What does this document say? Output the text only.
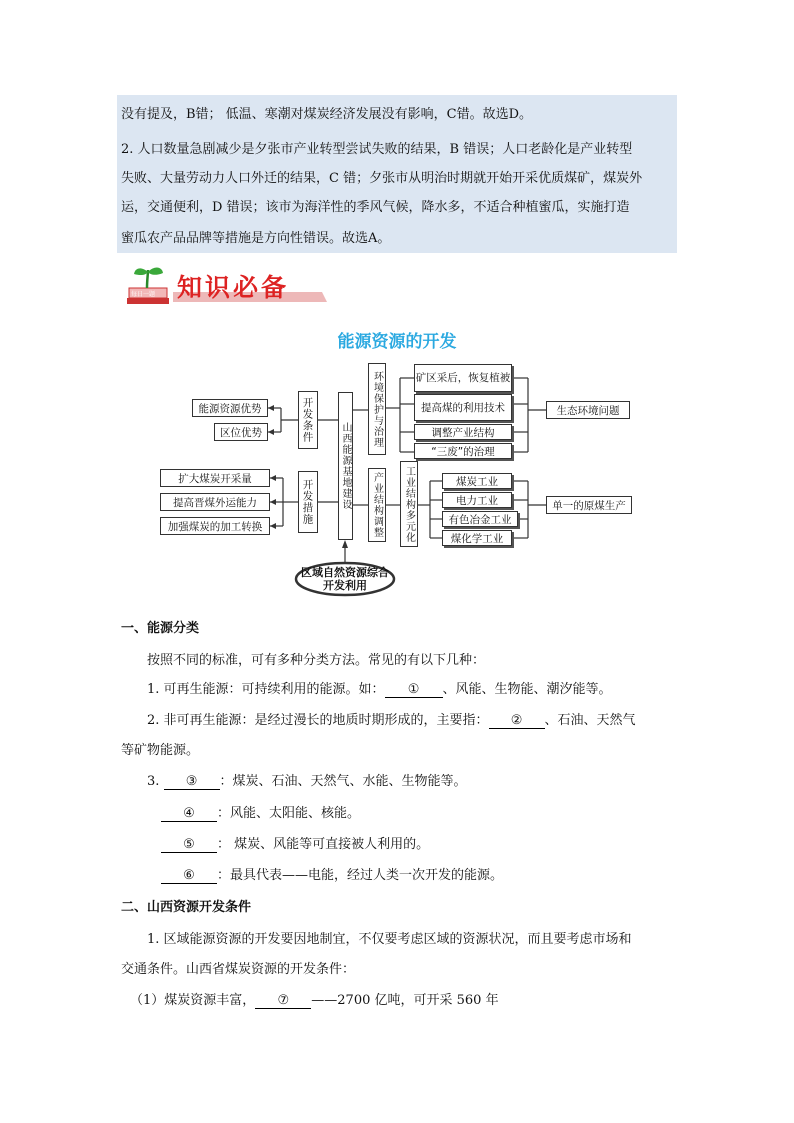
没有提及，B错； 低温、寒潮对煤炭经济发展没有影响，C错。故选D。
2. 人口数量急剧减少是夕张市产业转型尝试失败的结果，B 错误；人口老龄化是产业转型
失败、大量劳动力人口外迁的结果，C 错；夕张市从明治时期就开始开采优质煤矿，煤炭外
运，交通便利，D 错误；该市为海洋性的季风气候，降水多，不适合种植蜜瓜，实施打造
蜜瓜农产品品牌等措施是方向性错误。故选A。
每日一题 知识必备
能源资源的开发
能源资源优势
区位优势
扩大煤炭开采量
提高晋煤外运能力
加强煤炭的加工转换
开发条件
开发措施	山西能源基地建设
环境保护与治理
产业结构调整	工业结构多元化
矿区采后，恢复植被
提高煤的利用技术
调整产业结构
“三废”的治理
生态环境问题
煤炭工业
电力工业
有色冶金工业
煤化学工业
单一的原煤生产
区域自然资源综合开发利用
一、能源分类
按照不同的标准，可有多种分类方法。常见的有以下几种：
1. 可再生能源：可持续利用的能源。如： ① 、风能、生物能、潮汐能等。
2. 非可再生能源：是经过漫长的地质时期形成的，主要指： ② 、石油、天然气
等矿物能源。
3. ③ ：煤炭、石油、天然气、水能、生物能等。
④ ：风能、太阳能、核能。
⑤ ： 煤炭、风能等可直接被人利用的。
⑥ ：最具代表——电能，经过人类一次开发的能源。
二、山西资源开发条件
1. 区域能源资源的开发要因地制宜，不仅要考虑区域的资源状况，而且要考虑市场和
交通条件。山西省煤炭资源的开发条件：
（1）煤炭资源丰富， ⑦ ——2700 亿吨，可开采 560 年
